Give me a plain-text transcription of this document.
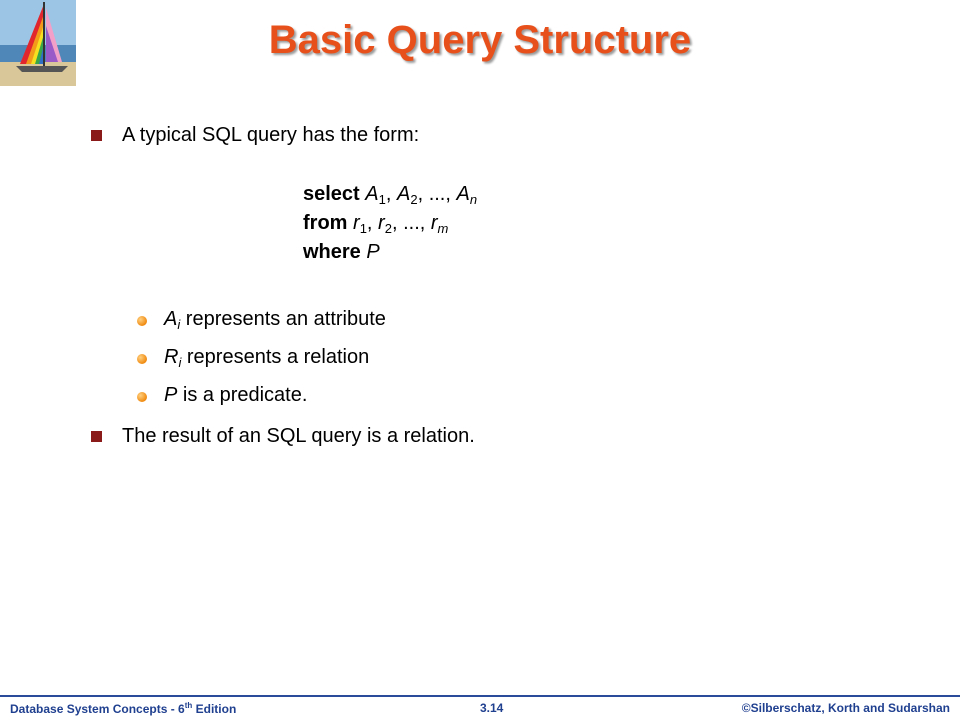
Basic Query Structure
A typical SQL query has the form:
select $A_1$, $A_2$, ..., $A_n$
from $r_1$, $r_2$, ..., $r_m$
where P
$A_i$ represents an attribute
$R_i$ represents a relation
P is a predicate.
The result of an SQL query is a relation.
Database System Concepts - 6th Edition	3.14	©Silberschatz, Korth and Sudarshan
